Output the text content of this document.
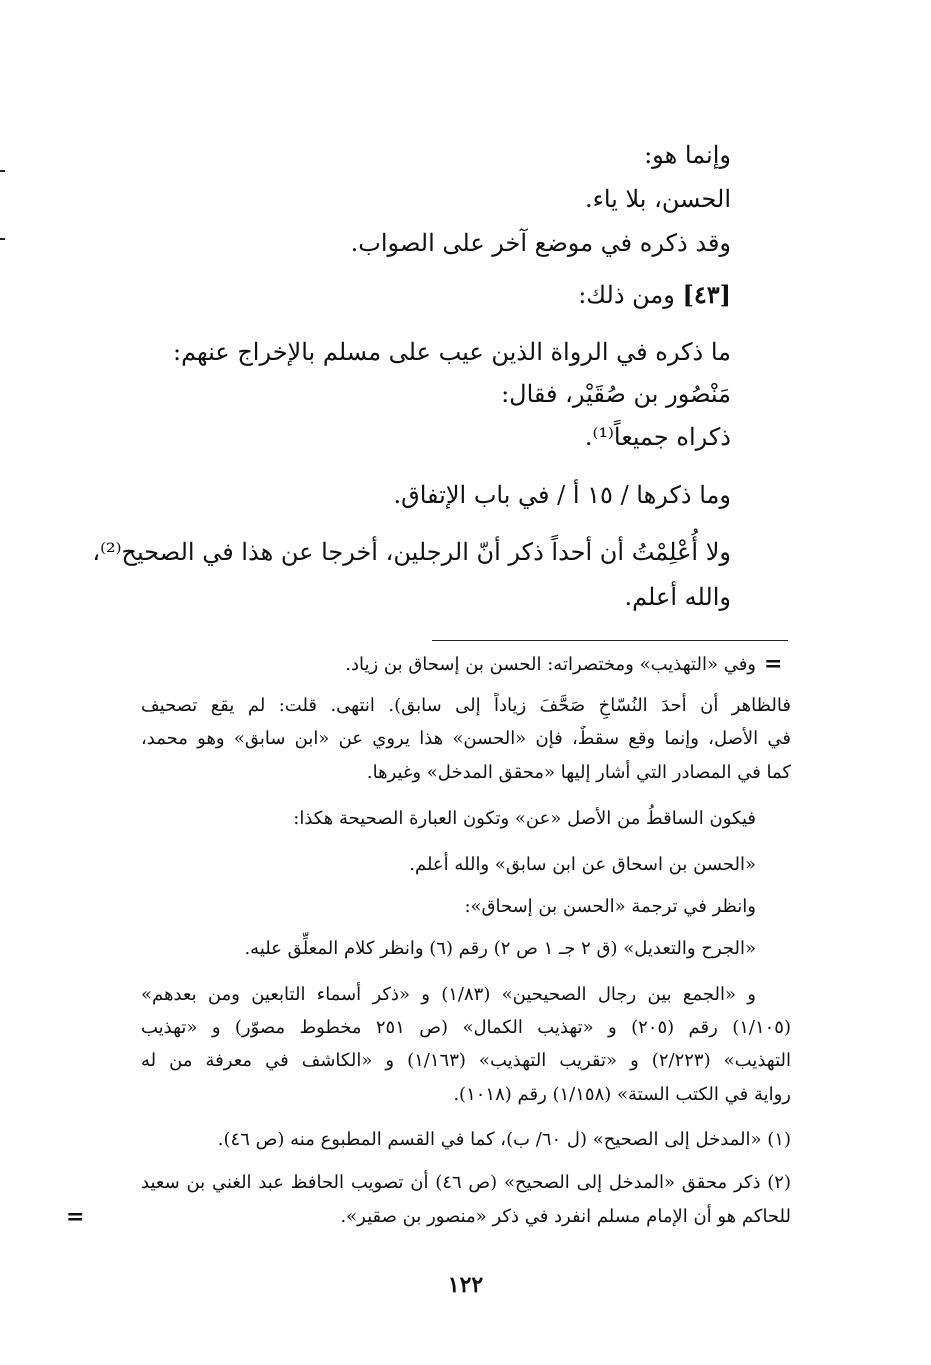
وإنما هو:
الحسن، بلا ياء.
وقد ذكره في موضع آخر على الصواب.
[٤٣] ومن ذلك:
ما ذكره في الرواة الذين عيب على مسلم بالإخراج عنهم:
مَنْصُور بن صُقَيْر، فقال:
ذكراه جميعاً⁽¹⁾.
وما ذكرها / ١٥ أ / في باب الإتفاق.
ولا أُعْلِمْتُ أن أحداً ذكر أنّ الرجلين، أخرجا عن هذا في الصحيح⁽²⁾،
والله أعلم.
=
وفي «التهذيب» ومختصراته: الحسن بن إسحاق بن زياد.
فالظاهر أن أحدَ النُسّاخِ صَحَّفَ زياداً إلى سابق). انتهى. قلت: لم يقع تصحيف
في الأصل، وإنما وقع سقطٌ، فإن «الحسن» هذا يروي عن «ابن سابق» وهو محمد،
كما في المصادر التي أشار إليها «محقق المدخل» وغيرها.
فيكون الساقطُ من الأصل «عن» وتكون العبارة الصحيحة هكذا:
«الحسن بن اسحاق عن ابن سابق» والله أعلم.
وانظر في ترجمة «الحسن بن إسحاق»:
«الجرح والتعديل» (ق ٢ جـ ١ ص ٢) رقم (٦) وانظر كلام المعلِّق عليه.
و «الجمع بين رجال الصحيحين» (١/٨٣) و «ذكر أسماء التابعين ومن بعدهم»
(١/١٠٥) رقم (٢٠٥) و «تهذيب الكمال» (ص ٢٥١ مخطوط مصوّر) و «تهذيب
التهذيب» (٢/٢٢٣) و «تقريب التهذيب» (١/١٦٣) و «الكاشف في معرفة من له
رواية في الكتب الستة» (١/١٥٨) رقم (١٠١٨).
(١) «المدخل إلى الصحيح» (ل ٦٠/ ب)، كما في القسم المطبوع منه (ص ٤٦).
(٢) ذكر محقق «المدخل إلى الصحيح» (ص ٤٦) أن تصويب الحافظ عبد الغني بن سعيد
للحاكم هو أن الإمام مسلم انفرد في ذكر «منصور بن صقير».
=
١٢٢
